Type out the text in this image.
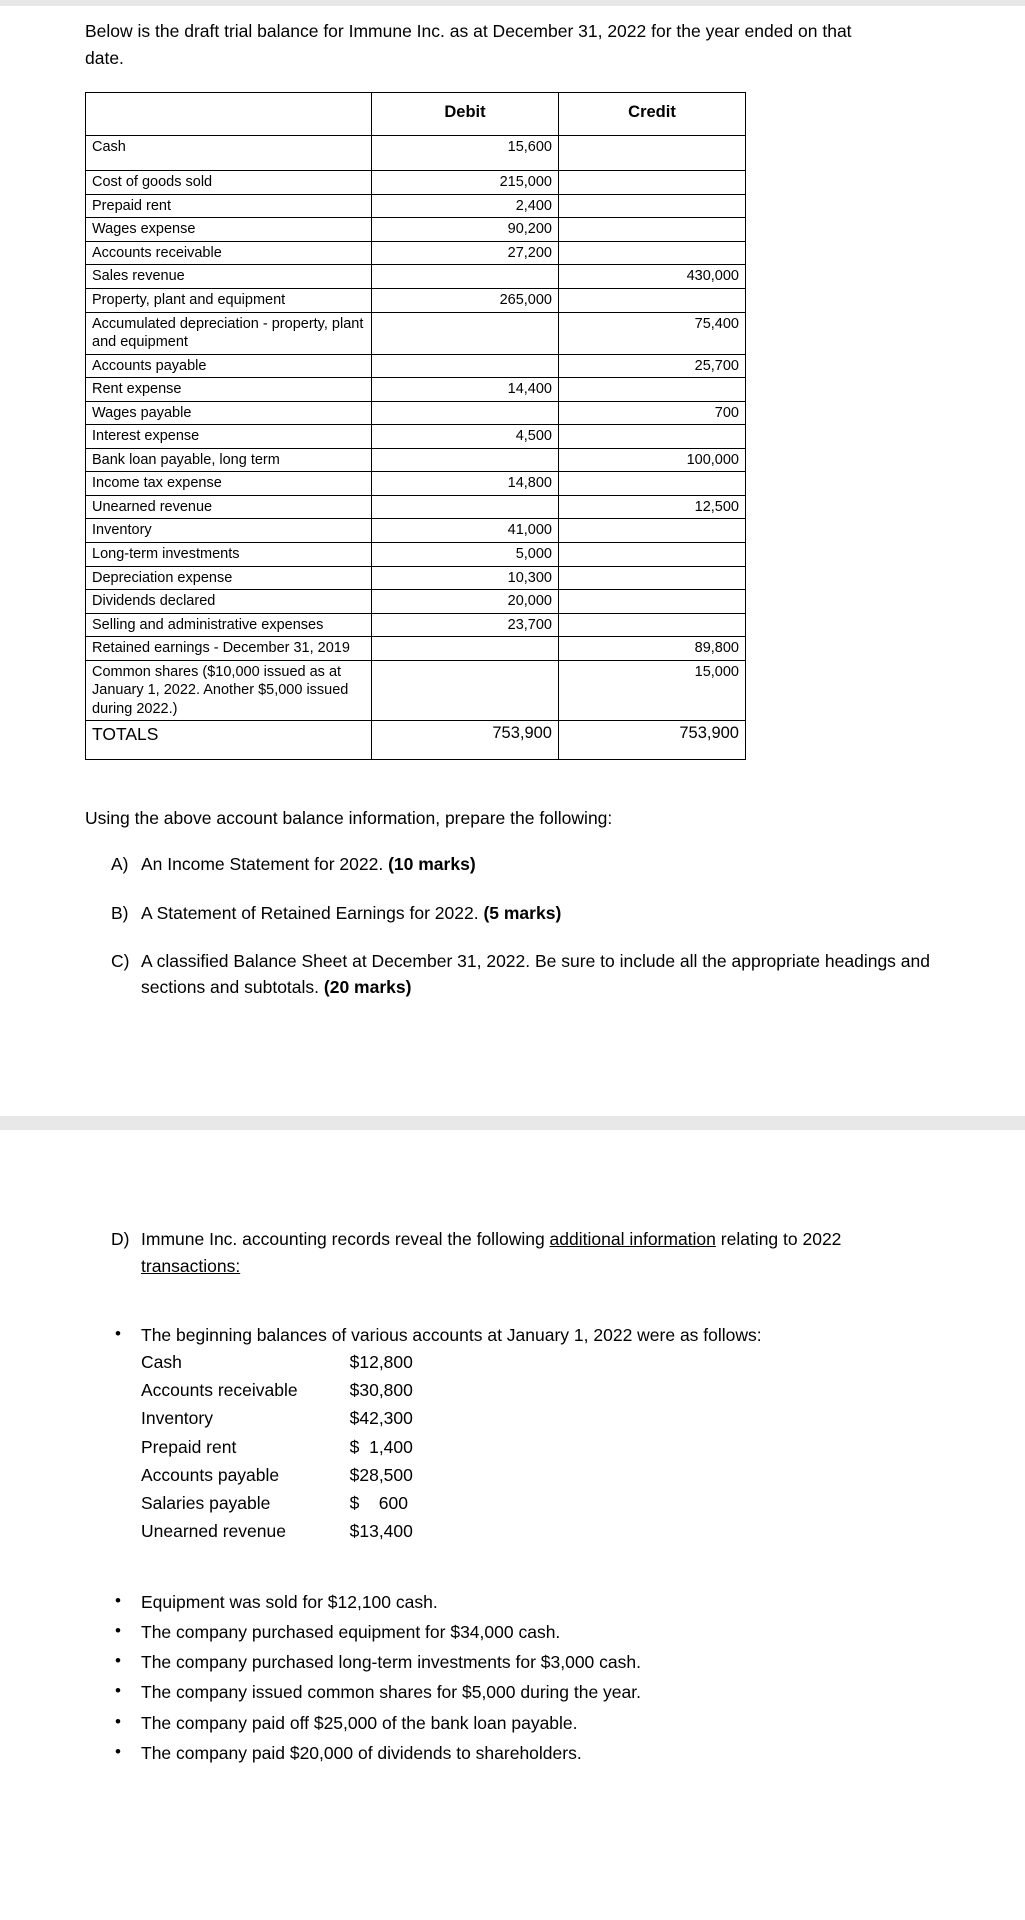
Below is the draft trial balance for Immune Inc. as at December 31, 2022 for the year ended on that date.
	Debit	Credit
Cash	15,600	
Cost of goods sold	215,000	
Prepaid rent	2,400	
Wages expense	90,200	
Accounts receivable	27,200	
Sales revenue		430,000
Property, plant and equipment	265,000	
Accumulated depreciation - property, plant and equipment		75,400
Accounts payable		25,700
Rent expense	14,400	
Wages payable		700
Interest expense	4,500	
Bank loan payable, long term		100,000
Income tax expense	14,800	
Unearned revenue		12,500
Inventory	41,000	
Long-term investments	5,000	
Depreciation expense	10,300	
Dividends declared	20,000	
Selling and administrative expenses	23,700	
Retained earnings - December 31, 2019		89,800
Common shares ($10,000 issued as at January 1, 2022. Another $5,000 issued during 2022.)		15,000
TOTALS	753,900	753,900
Using the above account balance information, prepare the following:
A) An Income Statement for 2022. (10 marks)
B) A Statement of Retained Earnings for 2022. (5 marks)
C) A classified Balance Sheet at December 31, 2022. Be sure to include all the appropriate headings and sections and subtotals. (20 marks)
D) Immune Inc. accounting records reveal the following additional information relating to 2022 transactions:
• The beginning balances of various accounts at January 1, 2022 were as follows:
Cash	$12,800
Accounts receivable	$30,800
Inventory	$42,300
Prepaid rent	$  1,400
Accounts payable	$28,500
Salaries payable	$    600
Unearned revenue	$13,400
• Equipment was sold for $12,100 cash.
• The company purchased equipment for $34,000 cash.
• The company purchased long-term investments for $3,000 cash.
• The company issued common shares for $5,000 during the year.
• The company paid off $25,000 of the bank loan payable.
• The company paid $20,000 of dividends to shareholders.
